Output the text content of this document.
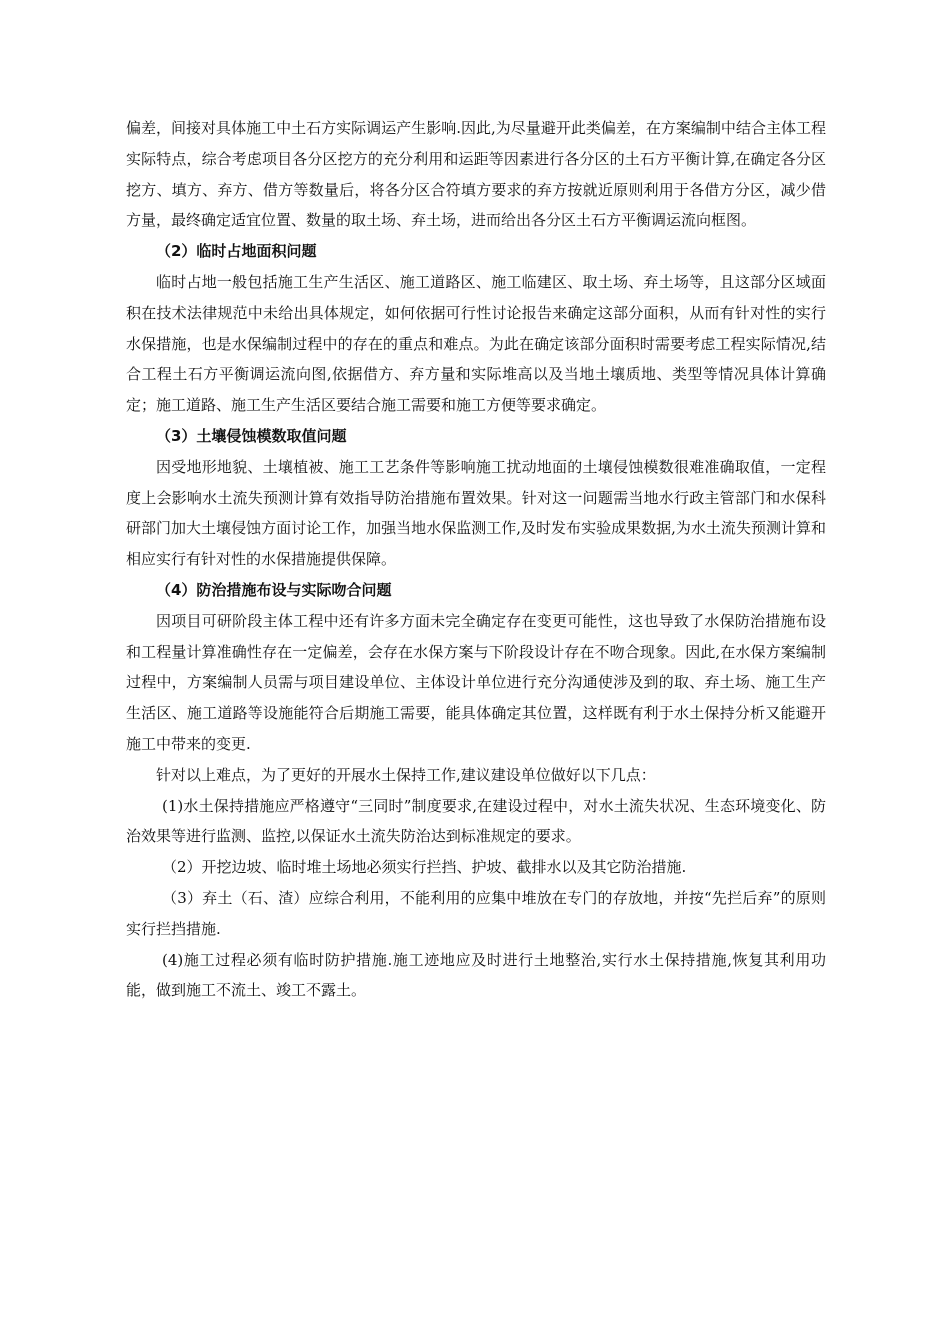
偏差，间接对具体施工中土石方实际调运产生影响.因此,为尽量避开此类偏差，在方案编制中结合主体工程实际特点，综合考虑项目各分区挖方的充分利用和运距等因素进行各分区的土石方平衡计算,在确定各分区挖方、填方、弃方、借方等数量后，将各分区合符填方要求的弃方按就近原则利用于各借方分区，减少借方量，最终确定适宜位置、数量的取土场、弃土场，进而给出各分区土石方平衡调运流向框图。

（2）临时占地面积问题

临时占地一般包括施工生产生活区、施工道路区、施工临建区、取土场、弃土场等，且这部分区域面积在技术法律规范中未给出具体规定，如何依据可行性讨论报告来确定这部分面积，从而有针对性的实行水保措施，也是水保编制过程中的存在的重点和难点。为此在确定该部分面积时需要考虑工程实际情况,结合工程土石方平衡调运流向图,依据借方、弃方量和实际堆高以及当地土壤质地、类型等情况具体计算确定；施工道路、施工生产生活区要结合施工需要和施工方便等要求确定。

（3）土壤侵蚀模数取值问题

因受地形地貌、土壤植被、施工工艺条件等影响施工扰动地面的土壤侵蚀模数很难准确取值，一定程度上会影响水土流失预测计算有效指导防治措施布置效果。针对这一问题需当地水行政主管部门和水保科研部门加大土壤侵蚀方面讨论工作，加强当地水保监测工作,及时发布实验成果数据,为水土流失预测计算和相应实行有针对性的水保措施提供保障。

（4）防治措施布设与实际吻合问题

因项目可研阶段主体工程中还有许多方面未完全确定存在变更可能性，这也导致了水保防治措施布设和工程量计算准确性存在一定偏差，会存在水保方案与下阶段设计存在不吻合现象。因此,在水保方案编制过程中，方案编制人员需与项目建设单位、主体设计单位进行充分沟通使涉及到的取、弃土场、施工生产生活区、施工道路等设施能符合后期施工需要，能具体确定其位置，这样既有利于水土保持分析又能避开施工中带来的变更.

针对以上难点，为了更好的开展水土保持工作,建议建设单位做好以下几点：

(1)水土保持措施应严格遵守“三同时”制度要求,在建设过程中，对水土流失状况、生态环境变化、防治效果等进行监测、监控,以保证水土流失防治达到标准规定的要求。

（2）开挖边坡、临时堆土场地必须实行拦挡、护坡、截排水以及其它防治措施.

（3）弃土（石、渣）应综合利用，不能利用的应集中堆放在专门的存放地，并按“先拦后弃”的原则实行拦挡措施.

(4)施工过程必须有临时防护措施.施工迹地应及时进行土地整治,实行水土保持措施,恢复其利用功能，做到施工不流土、竣工不露土。
